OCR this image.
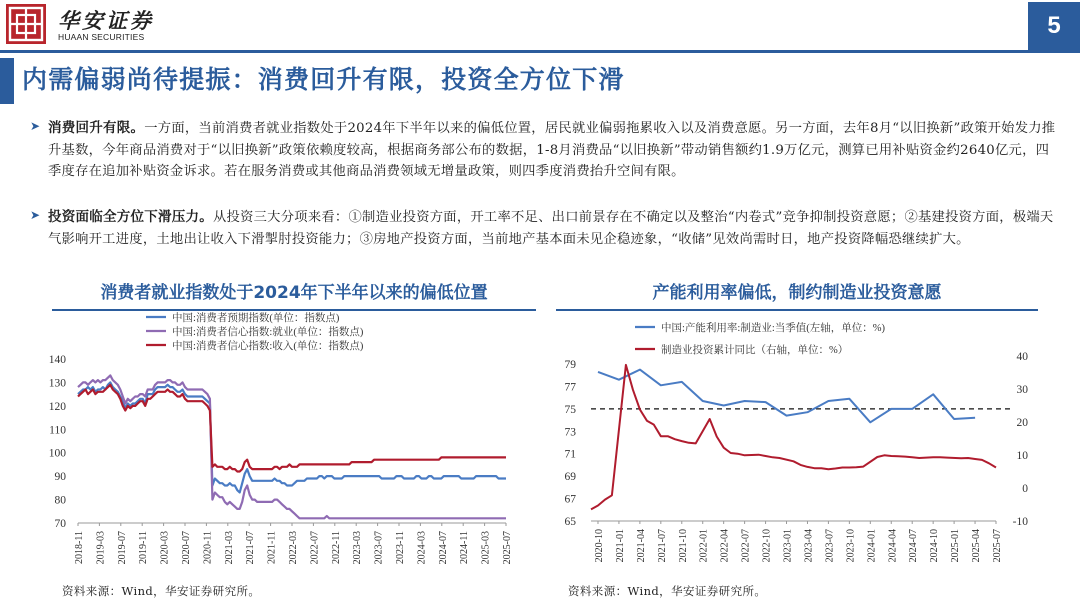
华安证券
HUAAN SECURITIES	5
内需偏弱尚待提振：消费回升有限，投资全方位下滑
➤ 消费回升有限。一方面，当前消费者就业指数处于2024年下半年以来的偏低位置，居民就业偏弱拖累收入以及消费意愿。另一方面，去年8月“以旧换新”政策开始发力推升基数，今年商品消费对于“以旧换新”政策依赖度较高，根据商务部公布的数据，1-8月消费品“以旧换新”带动销售额约1.9万亿元，测算已用补贴资金约2640亿元，四季度存在追加补贴资金诉求。若在服务消费或其他商品消费领域无增量政策，则四季度消费抬升空间有限。

➤ 投资面临全方位下滑压力。从投资三大分项来看：①制造业投资方面，开工率不足、出口前景存在不确定以及整治“内卷式”竞争抑制投资意愿；②基建投资方面，极端天气影响开工进度，土地出让收入下滑掣肘投资能力；③房地产投资方面，当前地产基本面未见企稳迹象，“收储”见效尚需时日，地产投资降幅恐继续扩大。

消费者就业指数处于2024年下半年以来的偏低位置	产能利用率偏低，制约制造业投资意愿
70
80
90
100
110
120
130
140
2018-11 2019-03 2019-07 2019-11 2020-03 2020-07 2020-11 2021-03 2021-07 2021-11 2022-03 2022-07 2022-11 2023-03 2023-07 2023-11 2024-03 2024-07 2024-11 2025-03 2025-07
中国:消费者预期指数(单位：指数点)
中国:消费者信心指数:就业(单位：指数点)
中国:消费者信心指数:收入(单位：指数点)
65
67
69
71
73
75
77
79
-10
0
10
20
30
40
2020-10 2021-01 2021-04 2021-07 2021-10 2022-01 2022-04 2022-07 2022-10 2023-01 2023-04 2023-07 2023-10 2024-01 2024-04 2024-07 2024-10 2025-01 2025-04 2025-07
中国:产能利用率:制造业:当季值(左轴，单位：%)
制造业投资累计同比（右轴，单位：%）
资料来源：Wind，华安证券研究所。	资料来源：Wind，华安证券研究所。
